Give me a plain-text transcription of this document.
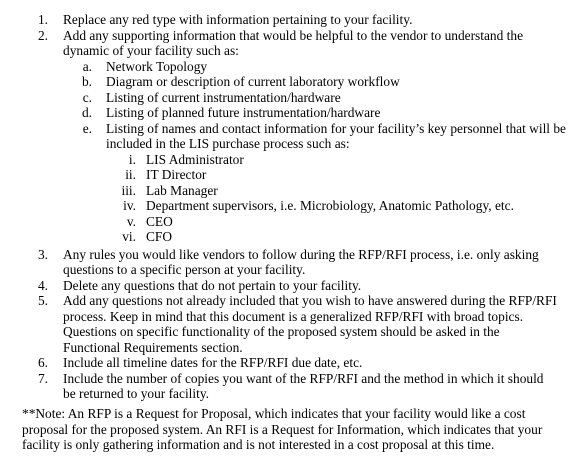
1. Replace any red type with information pertaining to your facility.
2. Add any supporting information that would be helpful to the vendor to understand the
dynamic of your facility such as:
a. Network Topology
b. Diagram or description of current laboratory workflow
c. Listing of current instrumentation/hardware
d. Listing of planned future instrumentation/hardware
e. Listing of names and contact information for your facility’s key personnel that will be
included in the LIS purchase process such as:
i. LIS Administrator
ii. IT Director
iii. Lab Manager
iv. Department supervisors, i.e. Microbiology, Anatomic Pathology, etc.
v. CEO
vi. CFO
3. Any rules you would like vendors to follow during the RFP/RFI process, i.e. only asking
questions to a specific person at your facility.
4. Delete any questions that do not pertain to your facility.
5. Add any questions not already included that you wish to have answered during the RFP/RFI
process. Keep in mind that this document is a generalized RFP/RFI with broad topics.
Questions on specific functionality of the proposed system should be asked in the
Functional Requirements section.
6. Include all timeline dates for the RFP/RFI due date, etc.
7. Include the number of copies you want of the RFP/RFI and the method in which it should
be returned to your facility.
**Note: An RFP is a Request for Proposal, which indicates that your facility would like a cost
proposal for the proposed system. An RFI is a Request for Information, which indicates that your
facility is only gathering information and is not interested in a cost proposal at this time.
